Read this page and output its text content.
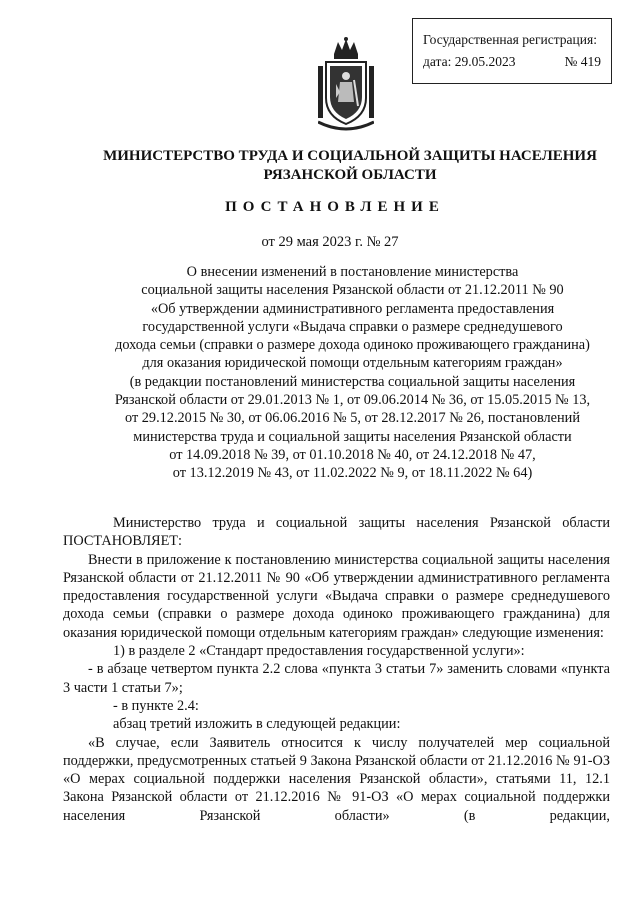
Государственная регистрация:
дата: 29.05.2023	№ 419
МИНИСТЕРСТВО ТРУДА И СОЦИАЛЬНОЙ ЗАЩИТЫ НАСЕЛЕНИЯ
РЯЗАНСКОЙ ОБЛАСТИ
ПОСТАНОВЛЕНИЕ
от 29 мая 2023 г. № 27
О внесении изменений в постановление министерства
социальной защиты населения Рязанской области от 21.12.2011 № 90
«Об утверждении административного регламента предоставления
государственной услуги «Выдача справки о размере среднедушевого
дохода семьи (справки о размере дохода одиноко проживающего гражданина)
для оказания юридической помощи отдельным категориям граждан»
(в редакции постановлений министерства социальной защиты населения
Рязанской области от 29.01.2013 № 1, от 09.06.2014 № 36, от 15.05.2015 № 13,
от 29.12.2015 № 30, от 06.06.2016 № 5, от 28.12.2017 № 26, постановлений
министерства труда и социальной защиты населения Рязанской области
от 14.09.2018 № 39, от 01.10.2018 № 40, от 24.12.2018 № 47,
от 13.12.2019 № 43, от 11.02.2022 № 9, от 18.11.2022 № 64)

Министерство труда и социальной защиты населения Рязанской области

ПОСТАНОВЛЯЕТ:

Внести в приложение к постановлению министерства социальной защиты населения Рязанской области от 21.12.2011 № 90 «Об утверждении административного регламента предоставления государственной услуги «Выдача справки о размере среднедушевого дохода семьи (справки о размере дохода одиноко проживающего гражданина) для оказания юридической помощи отдельным категориям граждан» следующие изменения:

1) в разделе 2 «Стандарт предоставления государственной услуги»:

- в абзаце четвертом пункта 2.2 слова «пункта 3 статьи 7» заменить словами «пункта 3 части 1 статьи 7»;

- в пункте 2.4:

абзац третий изложить в следующей редакции:

«В случае, если Заявитель относится к числу получателей мер социальной поддержки, предусмотренных статьей 9 Закона Рязанской области от 21.12.2016 № 91-ОЗ «О мерах социальной поддержки населения Рязанской области», статьями 11, 12.1 Закона Рязанской области от 21.12.2016 № 91-ОЗ «О мерах социальной поддержки населения Рязанской области» (в редакции,
